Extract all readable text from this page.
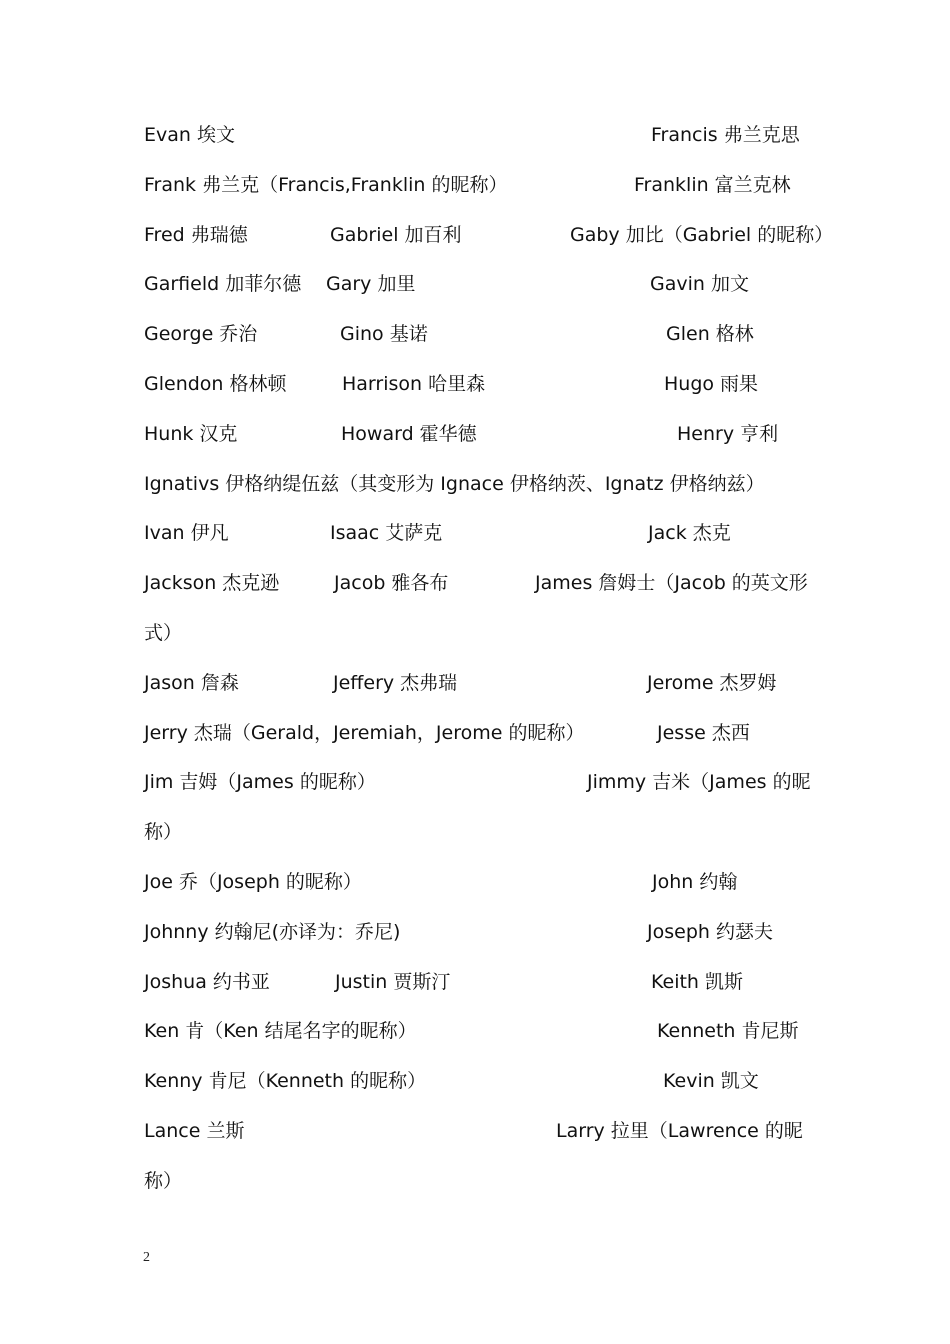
2
Evan 埃文	Francis 弗兰克思
Frank 弗兰克（Francis,Franklin 的昵称）	Franklin 富兰克林
Fred 弗瑞德	Gabriel 加百利	Gaby 加比（Gabriel 的昵称）
Garfield 加菲尔德 Gary 加里	Gavin 加文
George 乔治	Gino 基诺	Glen 格林
Glendon 格林顿	Harrison 哈里森	Hugo 雨果
Hunk 汉克	Howard 霍华德	Henry 亨利
Ignativs 伊格纳缇伍兹（其变形为 Ignace 伊格纳茨、Ignatz 伊格纳兹）
Ivan 伊凡	Isaac 艾萨克	Jack 杰克
Jackson 杰克逊	Jacob 雅各布	James 詹姆士（Jacob 的英文形
式）
Jason 詹森	Jeffery 杰弗瑞	Jerome 杰罗姆
Jerry 杰瑞（Gerald，Jeremiah，Jerome 的昵称）	Jesse 杰西
Jim 吉姆（James 的昵称）	Jimmy 吉米（James 的昵
称）
Joe 乔（Joseph 的昵称）	John 约翰
Johnny 约翰尼(亦译为：乔尼)	Joseph 约瑟夫
Joshua 约书亚	Justin 贾斯汀	Keith 凯斯
Ken 肯（Ken 结尾名字的昵称）	Kenneth 肯尼斯
Kenny 肯尼（Kenneth 的昵称）	Kevin 凯文
Lance 兰斯	Larry 拉里（Lawrence 的昵
称）
